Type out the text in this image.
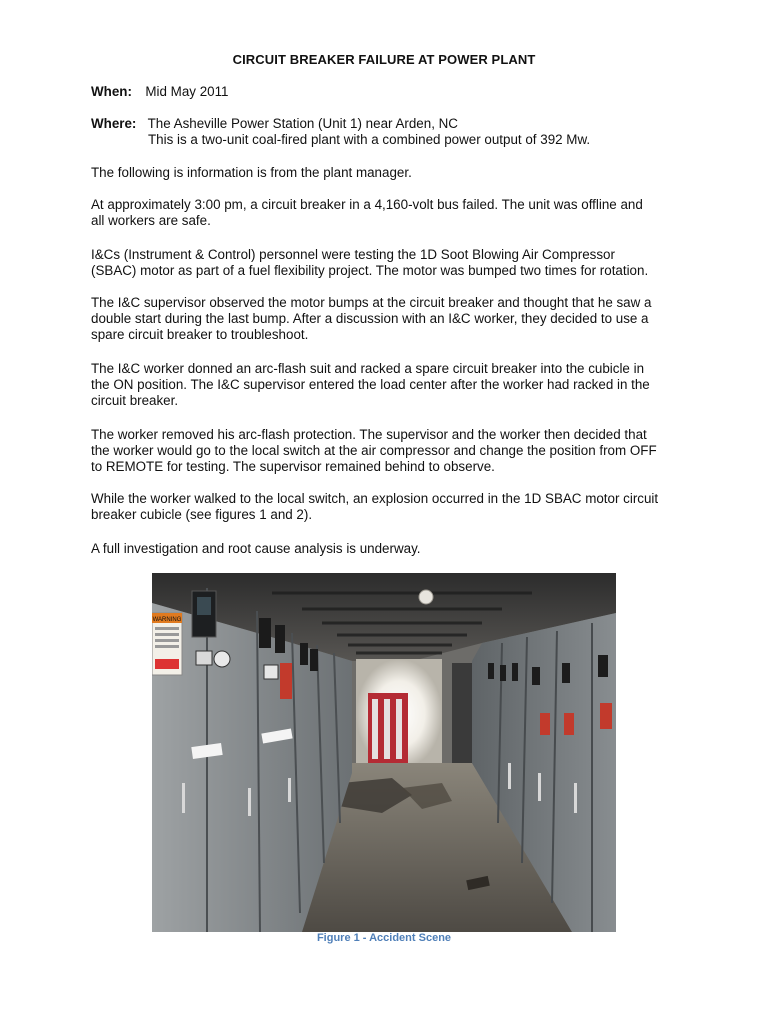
CIRCUIT BREAKER FAILURE AT POWER PLANT
When: Mid May 2011
Where: The Asheville Power Station (Unit 1) near Arden, NC
This is a two-unit coal-fired plant with a combined power output of 392 Mw.
The following is information is from the plant manager.
At approximately 3:00 pm, a circuit breaker in a 4,160-volt bus failed. The unit was offline and
all workers are safe.
I&Cs (Instrument & Control) personnel were testing the 1D Soot Blowing Air Compressor
(SBAC) motor as part of a fuel flexibility project. The motor was bumped two times for rotation.
The I&C supervisor observed the motor bumps at the circuit breaker and thought that he saw a
double start during the last bump. After a discussion with an I&C worker, they decided to use a
spare circuit breaker to troubleshoot.
The I&C worker donned an arc-flash suit and racked a spare circuit breaker into the cubicle in
the ON position. The I&C supervisor entered the load center after the worker had racked in the
circuit breaker.
The worker removed his arc-flash protection. The supervisor and the worker then decided that
the worker would go to the local switch at the air compressor and change the position from OFF
to REMOTE for testing. The supervisor remained behind to observe.
While the worker walked to the local switch, an explosion occurred in the 1D SBAC motor circuit
breaker cubicle (see figures 1 and 2).
A full investigation and root cause analysis is underway.
WARNING
Figure 1 - Accident Scene
